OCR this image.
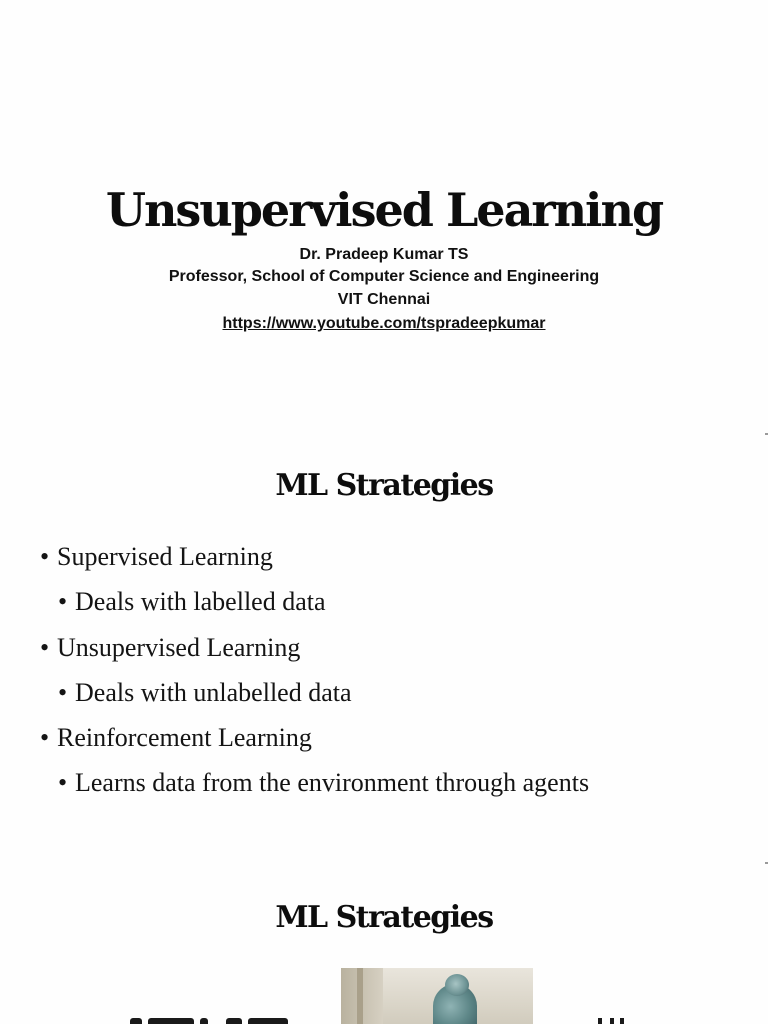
Unsupervised Learning
Dr. Pradeep Kumar TS
Professor, School of Computer Science and Engineering
VIT Chennai
https://www.youtube.com/tspradeepkumar
ML Strategies
• Supervised Learning
• Deals with labelled data
• Unsupervised Learning
• Deals with unlabelled data
• Reinforcement Learning
• Learns data from the environment through agents
ML Strategies
